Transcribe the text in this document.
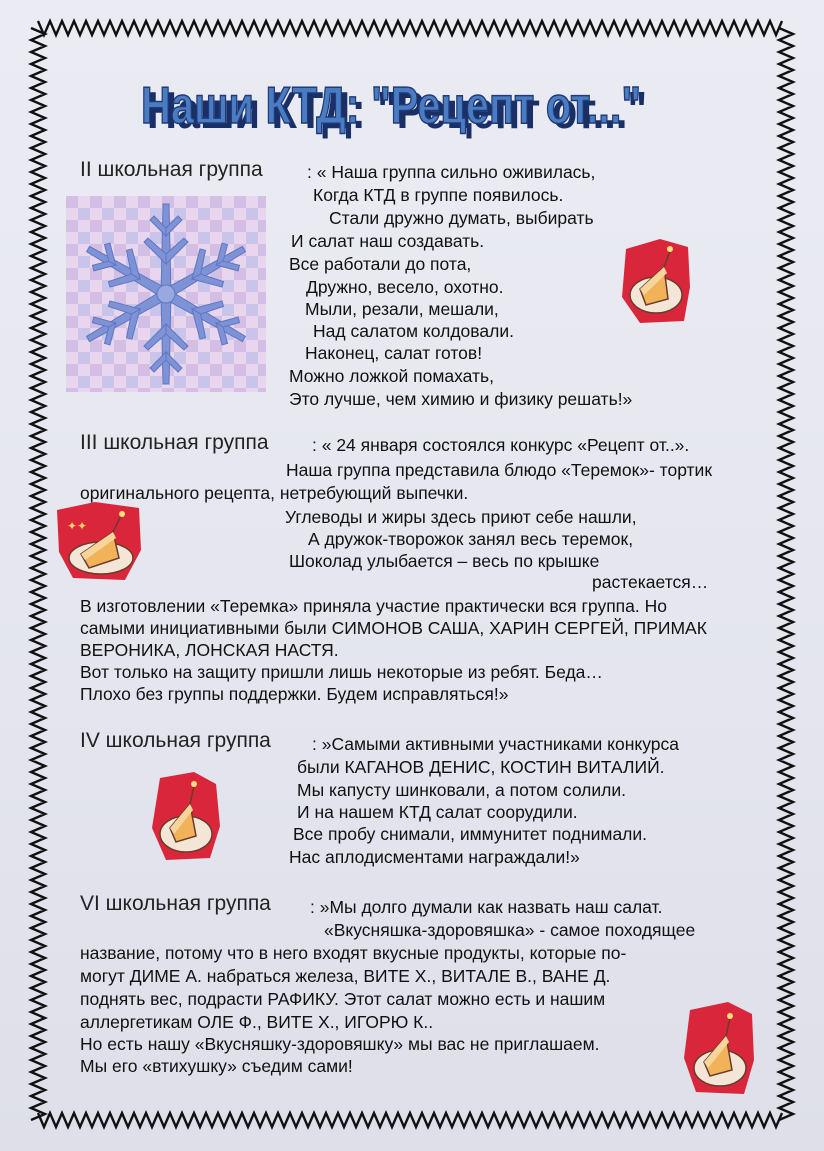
Наши КТД: "Рецепт от..."
Наши КТД: "Рецепт от..."
✦✦
II школьная группа	: « Наша группа сильно оживилась,
Когда КТД в группе появилось.
Стали дружно думать, выбирать
И салат наш создавать.
Все работали до пота,
Дружно, весело, охотно.
Мыли, резали, мешали,
Над салатом колдовали.
Наконец, салат готов!
Можно ложкой помахать,
Это лучше, чем химию и физику решать!»
III школьная группа : « 24 января состоялся конкурс «Рецепт от..».
Наша группа представила блюдо «Теремок»- тортик
оригинального рецепта, нетребующий выпечки.
Углеводы и жиры здесь приют себе нашли,
А дружок-творожок занял весь теремок,
Шоколад улыбается – весь по крышке
растекается…
В изготовлении «Теремка» приняла участие практически вся группа. Но
самыми инициативными были СИМОНОВ САША, ХАРИН СЕРГЕЙ, ПРИМАК
ВЕРОНИКА, ЛОНСКАЯ НАСТЯ.
Вот только на защиту пришли лишь некоторые из ребят. Беда…
Плохо без группы поддержки. Будем исправляться!»
IV школьная группа : »Самыми активными участниками конкурса
были КАГАНОВ ДЕНИС, КОСТИН ВИТАЛИЙ.
Мы капусту шинковали, а потом солили.
И на нашем КТД салат соорудили.
Все пробу снимали, иммунитет поднимали.
Нас аплодисментами награждали!»
VI школьная группа : »Мы долго думали как назвать наш салат.
«Вкусняшка-здоровяшка» - самое походящее
название, потому что в него входят вкусные продукты, которые по-
могут ДИМЕ А. набраться железа, ВИТЕ Х., ВИТАЛЕ В., ВАНЕ Д.
поднять вес, подрасти РАФИКУ. Этот салат можно есть и нашим
аллергетикам ОЛЕ Ф., ВИТЕ Х., ИГОРЮ К..
Но есть нашу «Вкусняшку-здоровяшку» мы вас не приглашаем.
Мы его «втихушку» съедим сами!
